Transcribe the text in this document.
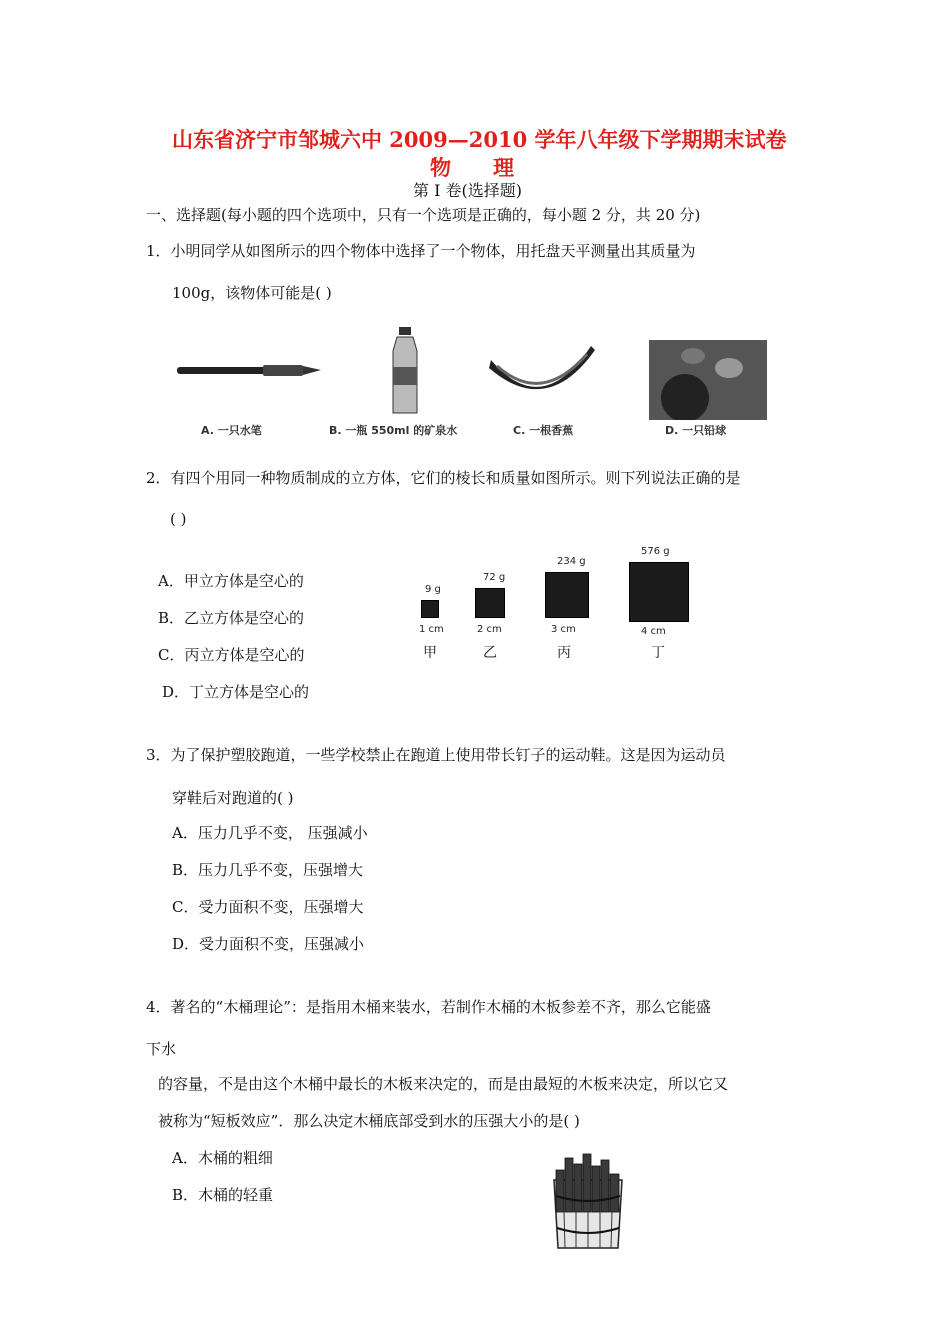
山东省济宁市邹城六中 2009—2010 学年八年级下学期期末试卷
物　　理
第 I 卷(选择题)
一、选择题(每小题的四个选项中，只有一个选项是正确的，每小题 2 分，共 20 分)
1．小明同学从如图所示的四个物体中选择了一个物体，用托盘天平测量出其质量为
100g，该物体可能是( )
A. 一只水笔	B. 一瓶 550ml 的矿泉水	C. 一根香蕉	D. 一只铅球
2．有四个用同一种物质制成的立方体，它们的棱长和质量如图所示。则下列说法正确的是
( )
A．甲立方体是空心的
B．乙立方体是空心的
C．丙立方体是空心的
D．丁立方体是空心的
9 g
1 cm
甲
72 g
2 cm
乙
234 g
3 cm
丙
576 g
4 cm
丁
3．为了保护塑胶跑道，一些学校禁止在跑道上使用带长钉子的运动鞋。这是因为运动员
穿鞋后对跑道的( )
A．压力几乎不变， 压强减小
B．压力几乎不变，压强增大
C．受力面积不变，压强增大
D．受力面积不变，压强减小
4．著名的“木桶理论”：是指用木桶来装水，若制作木桶的木板参差不齐，那么它能盛
下水
的容量，不是由这个木桶中最长的木板来决定的，而是由最短的木板来决定，所以它又
被称为“短板效应”．那么决定木桶底部受到水的压强大小的是( )
A．木桶的粗细
B．木桶的轻重
